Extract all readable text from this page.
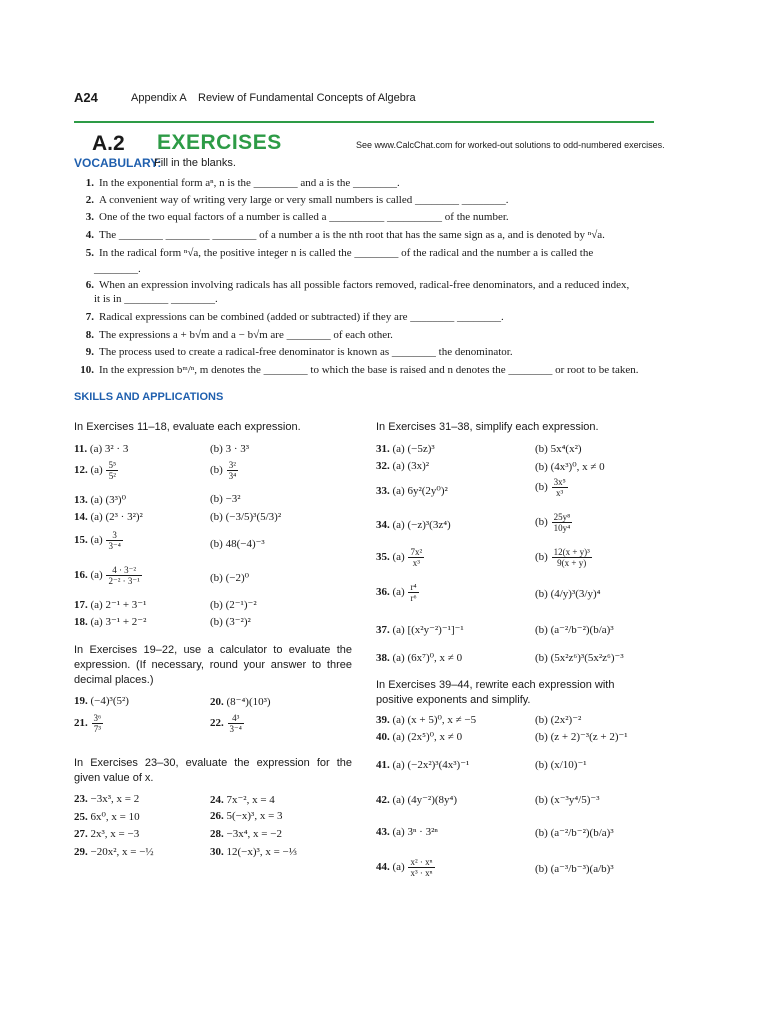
A24	Appendix A Review of Fundamental Concepts of Algebra
A.2 EXERCISES	See www.CalcChat.com for worked-out solutions to odd-numbered exercises.
VOCABULARY:
Fill in the blanks.
1. In the exponential form aⁿ, n is the ________ and a is the ________.
2. A convenient way of writing very large or very small numbers is called ________ ________.
3. One of the two equal factors of a number is called a __________ __________ of the number.
4. The ________ ________ ________ of a number a is the nth root that has the same sign as a, and is denoted by ⁿ√a.
5. In the radical form ⁿ√a, the positive integer n is called the ________ of the radical and the number a is called the
________.
6. When an expression involving radicals has all possible factors removed, radical-free denominators, and a reduced index,
it is in ________ ________.
7. Radical expressions can be combined (added or subtracted) if they are ________ ________.
8. The expressions a + b√m and a − b√m are ________ of each other.
9. The process used to create a radical-free denominator is known as ________ the denominator.
10. In the expression bᵐ/ⁿ, m denotes the ________ to which the base is raised and n denotes the ________ or root to be taken.
SKILLS AND APPLICATIONS
In Exercises 11–18, evaluate each expression.
11. (a) 3² · 3	(b) 3 · 3³
12. $(a) \frac{\text{5⁵}}{\text{5²}}$	$(b) \frac{\text{3²}}{\text{3⁴}}$
13. (a) (3³)⁰	(b) −3²
14. (a) (2³ · 3²)²	(b) (−3/5)³(5/3)²
15. $(a) \frac{3}{\text{3⁻⁴}}$	(b) 48(−4)⁻³
16. $(a) \frac{\text{4 · 3⁻²}}{\text{2⁻² · 3⁻¹}}$	(b) (−2)⁰
17. (a) 2⁻¹ + 3⁻¹	(b) (2⁻¹)⁻²
18. (a) 3⁻¹ + 2⁻²	(b) (3⁻²)²
In Exercises 19–22, use a calculator to evaluate the expression. (If necessary, round your answer to three decimal places.)
19. (−4)³(5²)	20. (8⁻⁴)(10³)
21. $\frac{\text{3⁶}}{\text{7³}}$	22. $\frac{\text{4³}}{\text{3⁻⁴}}$
In Exercises 23–30, evaluate the expression for the given value of x.
23. −3x³, x = 2	24. 7x⁻², x = 4
25. 6x⁰, x = 10	26. 5(−x)³, x = 3
27. 2x³, x = −3	28. −3x⁴, x = −2
29. −20x², x = −½	30. 12(−x)³, x = −⅓
In Exercises 31–38, simplify each expression.
31. (a) (−5z)³	(b) 5x⁴(x²)
32. (a) (3x)²	(b) (4x³)⁰, x ≠ 0
33. (a) 6y²(2y⁰)²	$(b) \frac{\text{3x⁵}}{\text{x³}}$
34. (a) (−z)³(3z⁴)	$(b) \frac{\text{25y⁸}}{\text{10y⁴}}$
35. $(a) \frac{\text{7x²}}{\text{x³}}$	$(b) \frac{\text{12(x + y)³}}{9(x + y)}$
36. $(a) \frac{\text{r⁴}}{\text{r⁶}}$	(b) (4/y)³(3/y)⁴
37. (a) [(x²y⁻²)⁻¹]⁻¹	(b) (a⁻²/b⁻²)(b/a)³
38. (a) (6x⁷)⁰, x ≠ 0	(b) (5x²z⁶)³(5x²z⁶)⁻³
In Exercises 39–44, rewrite each expression with positive exponents and simplify.
39. (a) (x + 5)⁰, x ≠ −5	(b) (2x²)⁻²
40. (a) (2x⁵)⁰, x ≠ 0	(b) (z + 2)⁻³(z + 2)⁻¹
41. (a) (−2x²)³(4x³)⁻¹	(b) (x/10)⁻¹
42. (a) (4y⁻²)(8y⁴)	(b) (x⁻³y⁴/5)⁻³
43. (a) 3ⁿ · 3²ⁿ	(b) (a⁻²/b⁻²)(b/a)³
44. $(a) \frac{\text{x² · xⁿ}}{\text{x³ · xⁿ}}$	(b) (a⁻³/b⁻³)(a/b)³
